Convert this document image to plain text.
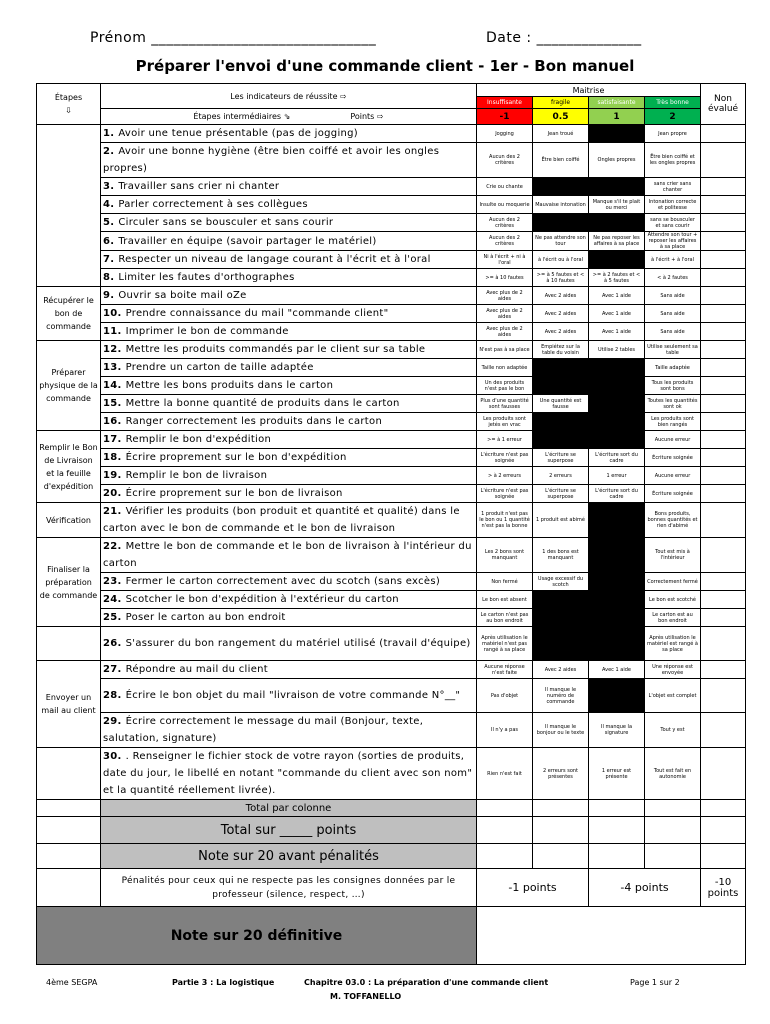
Prénom ______________________________	Date : ______________
Préparer l'envoi d'une commande client - 1er - Bon manuel
Étapes
⇩	Les indicateurs de réussite ⇨	Maitrise				Non évalué
		Insuffisante	fragile	satisfaisante	Très bonne	
	Étapes intermédiaires ⇘ Points ⇨	-1	0.5	1	2	
	1. Avoir une tenue présentable (pas de jogging)	Jogging	Jean troué		Jean propre	
	2. Avoir une bonne hygiène (être bien coiffé et avoir les ongles propres)	Aucun des 2 critères	Être bien coiffé	Ongles propres	Être bien coiffé et les ongles propres	
	3. Travailler sans crier ni chanter	Crie ou chante			sans crier sans chanter	
	4. Parler correctement à ses collègues	Insulte ou moquerie	Mauvaise intonation	Manque s'il te plait ou merci	Intonation correcte et politesse	
	5. Circuler sans se bousculer et sans courir	Aucun des 2 critères			sans se bousculer et sans courir	
	6. Travailler en équipe (savoir partager le matériel)	Aucun des 2 critères	Ne pas attendre son tour	Ne pas reposer les affaires à sa place	Attendre son tour + reposer les affaires à sa place	
	7. Respecter un niveau de langage courant à l'écrit et à l'oral	Ni à l'écrit + ni à l'oral	à l'écrit ou à l'oral		à l'écrit + à l'oral	
	8. Limiter les fautes d'orthographes	>= à 10 fautes	>= à 5 fautes et < à 10 fautes	>= à 2 fautes et < à 5 fautes	< à 2 fautes	
Récupérer le bon de commande	9. Ouvrir sa boite mail oZe	Avec plus de 2 aides	Avec 2 aides	Avec 1 aide	Sans aide	
	10. Prendre connaissance du mail "commande client"	Avec plus de 2 aides	Avec 2 aides	Avec 1 aide	Sans aide	
	11. Imprimer le bon de commande	Avec plus de 2 aides	Avec 2 aides	Avec 1 aide	Sans aide	
Préparer physique de la commande	12. Mettre les produits commandés par le client sur sa table	N'est pas à sa place	Empiétez sur la table du voisin	Utilise 2 tables	Utilise seulement sa table	
	13. Prendre un carton de taille adaptée	Taille non adaptée			Taille adaptée	
	14. Mettre les bons produits dans le carton	Un des produits n'est pas le bon			Tous les produits sont bons	
	15. Mettre la bonne quantité de produits dans le carton	Plus d'une quantité sont fausses	Une quantité est fausse		Toutes les quantités sont ok	
	16. Ranger correctement les produits dans le carton	Les produits sont jetés en vrac			Les produits sont bien rangés	
Remplir le Bon de Livraison et la feuille d'expédition	17. Remplir le bon d'expédition	>= à 1 erreur			Aucune erreur	
	18. Écrire proprement sur le bon d'expédition	L'écriture n'est pas soignée	L'écriture se superpose	L'écriture sort du cadre	Écriture soignée	
	19. Remplir le bon de livraison	> à 2 erreurs	2 erreurs	1 erreur	Aucune erreur	
	20. Écrire proprement sur le bon de livraison	L'écriture n'est pas soignée	L'écriture se superpose	L'écriture sort du cadre	Écriture soignée	
Vérification	21. Vérifier les produits (bon produit et quantité et qualité) dans le carton avec le bon de commande et le bon de livraison	1 produit n'est pas le bon ou 1 quantité n'est pas la bonne	1 produit est abimé		Bons produits, bonnes quantités et rien d'abimé	
Finaliser la préparation de commande	22. Mettre le bon de commande et le bon de livraison à l'intérieur du carton	Les 2 bons sont manquant	1 des bons est manquant		Tout est mis à l'intérieur	
	23. Fermer le carton correctement avec du scotch (sans excès)	Non fermé	Usage excessif du scotch		Correctement fermé	
	24. Scotcher le bon d'expédition à l'extérieur du carton	Le bon est absent			Le bon est scotché	
	25. Poser le carton au bon endroit	Le carton n'est pas au bon endroit			Le carton est au bon endroit	
	26. S'assurer du bon rangement du matériel utilisé (travail d'équipe)	Après utilisation le matériel n'est pas rangé à sa place			Après utilisation le matériel est rangé à sa place	
Envoyer un mail au client	27. Répondre au mail du client	Aucune réponse n'est faite	Avec 2 aides	Avec 1 aide	Une réponse est envoyée	
	28. Écrire le bon objet du mail "livraison de votre commande N°__"	Pas d'objet	Il manque le numéro de commande		L'objet est complet	
	29. Écrire correctement le message du mail (Bonjour, texte, salutation, signature)	Il n'y a pas	Il manque le bonjour ou le texte	Il manque la signature	Tout y est	
	30. . Renseigner le fichier stock de votre rayon (sorties de produits, date du jour, le libellé en notant "commande du client avec son nom" et la quantité réellement livrée).	Rien n'est fait	2 erreurs sont présentes	1 erreur est présente	Tout est fait en autonomie	
	Total par colonne					
	Total sur _____ points					
	Note sur 20 avant pénalités					
	Pénalités pour ceux qui ne respecte pas les consignes données par le professeur (silence, respect, …)	-1 points		-4 points		-10 points
Note sur 20 définitive						
4ème SEGPA	Partie 3 : La logistique	Chapitre 03.0 : La préparation d'une commande client
M. TOFFANELLO
Page 1 sur 2
